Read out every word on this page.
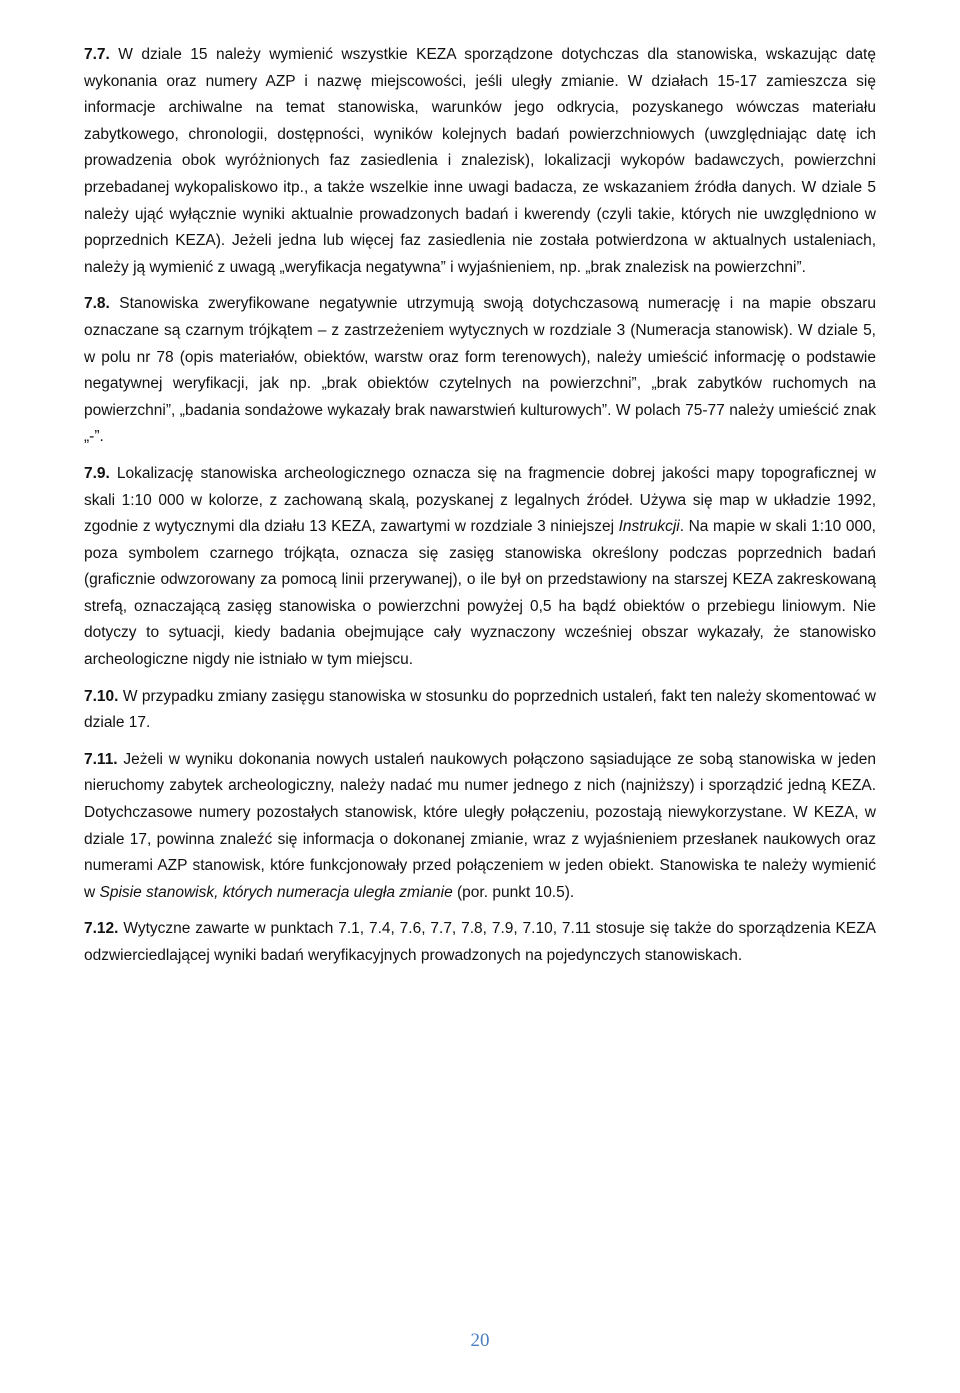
7.7. W dziale 15 należy wymienić wszystkie KEZA sporządzone dotychczas dla stanowiska, wskazując datę wykonania oraz numery AZP i nazwę miejscowości, jeśli uległy zmianie. W działach 15-17 zamieszcza się informacje archiwalne na temat stanowiska, warunków jego odkrycia, pozyskanego wówczas materiału zabytkowego, chronologii, dostępności, wyników kolejnych badań powierzchniowych (uwzględniając datę ich prowadzenia obok wyróżnionych faz zasiedlenia i znalezisk), lokalizacji wykopów badawczych, powierzchni przebadanej wykopaliskowo itp., a także wszelkie inne uwagi badacza, ze wskazaniem źródła danych. W dziale 5 należy ująć wyłącznie wyniki aktualnie prowadzonych badań i kwerendy (czyli takie, których nie uwzględniono w poprzednich KEZA). Jeżeli jedna lub więcej faz zasiedlenia nie została potwierdzona w aktualnych ustaleniach, należy ją wymienić z uwagą „weryfikacja negatywna” i wyjaśnieniem, np. „brak znalezisk na powierzchni”.

7.8. Stanowiska zweryfikowane negatywnie utrzymują swoją dotychczasową numerację i na mapie obszaru oznaczane są czarnym trójkątem – z zastrzeżeniem wytycznych w rozdziale 3 (Numeracja stanowisk). W dziale 5, w polu nr 78 (opis materiałów, obiektów, warstw oraz form terenowych), należy umieścić informację o podstawie negatywnej weryfikacji, jak np. „brak obiektów czytelnych na powierzchni”, „brak zabytków ruchomych na powierzchni”, „badania sondażowe wykazały brak nawarstwień kulturowych”. W polach 75-77 należy umieścić znak „-”.

7.9. Lokalizację stanowiska archeologicznego oznacza się na fragmencie dobrej jakości mapy topograficznej w skali 1:10 000 w kolorze, z zachowaną skalą, pozyskanej z legalnych źródeł. Używa się map w układzie 1992, zgodnie z wytycznymi dla działu 13 KEZA, zawartymi w rozdziale 3 niniejszej Instrukcji. Na mapie w skali 1:10 000, poza symbolem czarnego trójkąta, oznacza się zasięg stanowiska określony podczas poprzednich badań (graficznie odwzorowany za pomocą linii przerywanej), o ile był on przedstawiony na starszej KEZA zakreskowaną strefą, oznaczającą zasięg stanowiska o powierzchni powyżej 0,5 ha bądź obiektów o przebiegu liniowym. Nie dotyczy to sytuacji, kiedy badania obejmujące cały wyznaczony wcześniej obszar wykazały, że stanowisko archeologiczne nigdy nie istniało w tym miejscu.

7.10. W przypadku zmiany zasięgu stanowiska w stosunku do poprzednich ustaleń, fakt ten należy skomentować w dziale 17.

7.11. Jeżeli w wyniku dokonania nowych ustaleń naukowych połączono sąsiadujące ze sobą stanowiska w jeden nieruchomy zabytek archeologiczny, należy nadać mu numer jednego z nich (najniższy) i sporządzić jedną KEZA. Dotychczasowe numery pozostałych stanowisk, które uległy połączeniu, pozostają niewykorzystane. W KEZA, w dziale 17, powinna znaleźć się informacja o dokonanej zmianie, wraz z wyjaśnieniem przesłanek naukowych oraz numerami AZP stanowisk, które funkcjonowały przed połączeniem w jeden obiekt. Stanowiska te należy wymienić w Spisie stanowisk, których numeracja uległa zmianie (por. punkt 10.5).

7.12. Wytyczne zawarte w punktach 7.1, 7.4, 7.6, 7.7, 7.8, 7.9, 7.10, 7.11 stosuje się także do sporządzenia KEZA odzwierciedlającej wyniki badań weryfikacyjnych prowadzonych na pojedynczych stanowiskach.

20
